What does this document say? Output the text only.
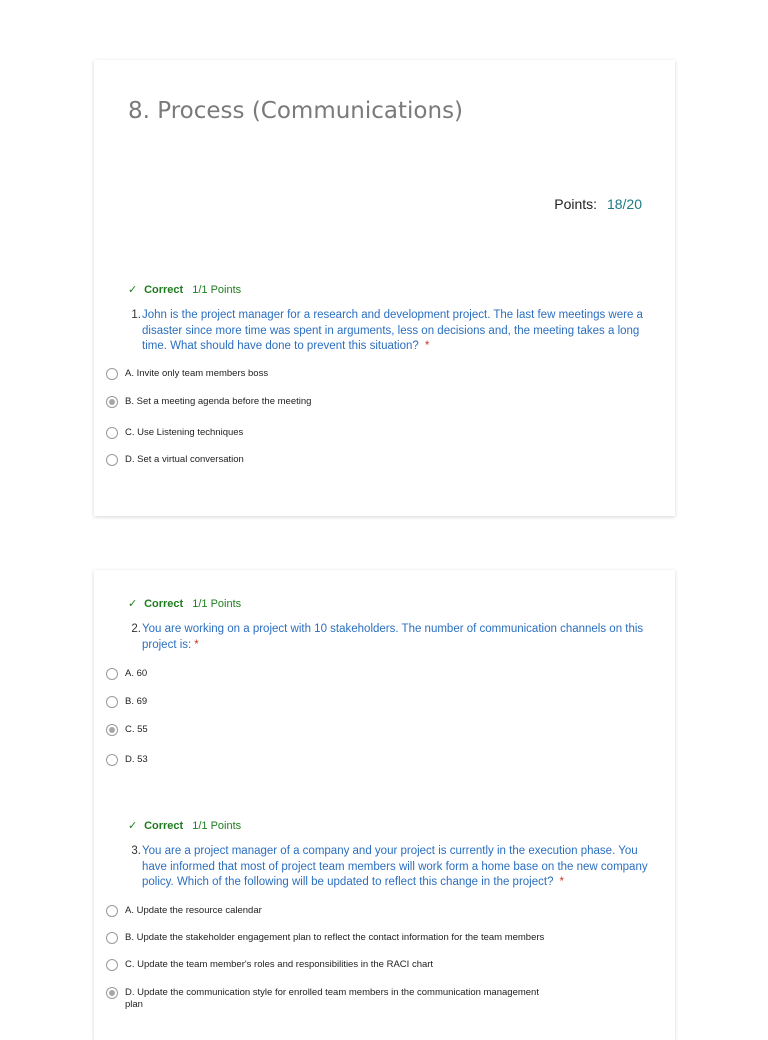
8. Process (Communications)
Points: 18/20
✓ Correct 1/1 Points
1. John is the project manager for a research and development project. The last few meetings were a disaster since more time was spent in arguments, less on decisions and, the meeting takes a long time. What should have done to prevent this situation? *
A. Invite only team members boss
B. Set a meeting agenda before the meeting
C. Use Listening techniques
D. Set a virtual conversation
✓ Correct 1/1 Points
2. You are working on a project with 10 stakeholders. The number of communication channels on this project is: *
A. 60
B. 69
C. 55
D. 53
✓ Correct 1/1 Points
3. You are a project manager of a company and your project is currently in the execution phase. You have informed that most of project team members will work form a home base on the new company policy. Which of the following will be updated to reflect this change in the project? *
A. Update the resource calendar
B. Update the stakeholder engagement plan to reflect the contact information for the team members
C. Update the team member's roles and responsibilities in the RACI chart
D. Update the communication style for enrolled team members in the communication management plan
